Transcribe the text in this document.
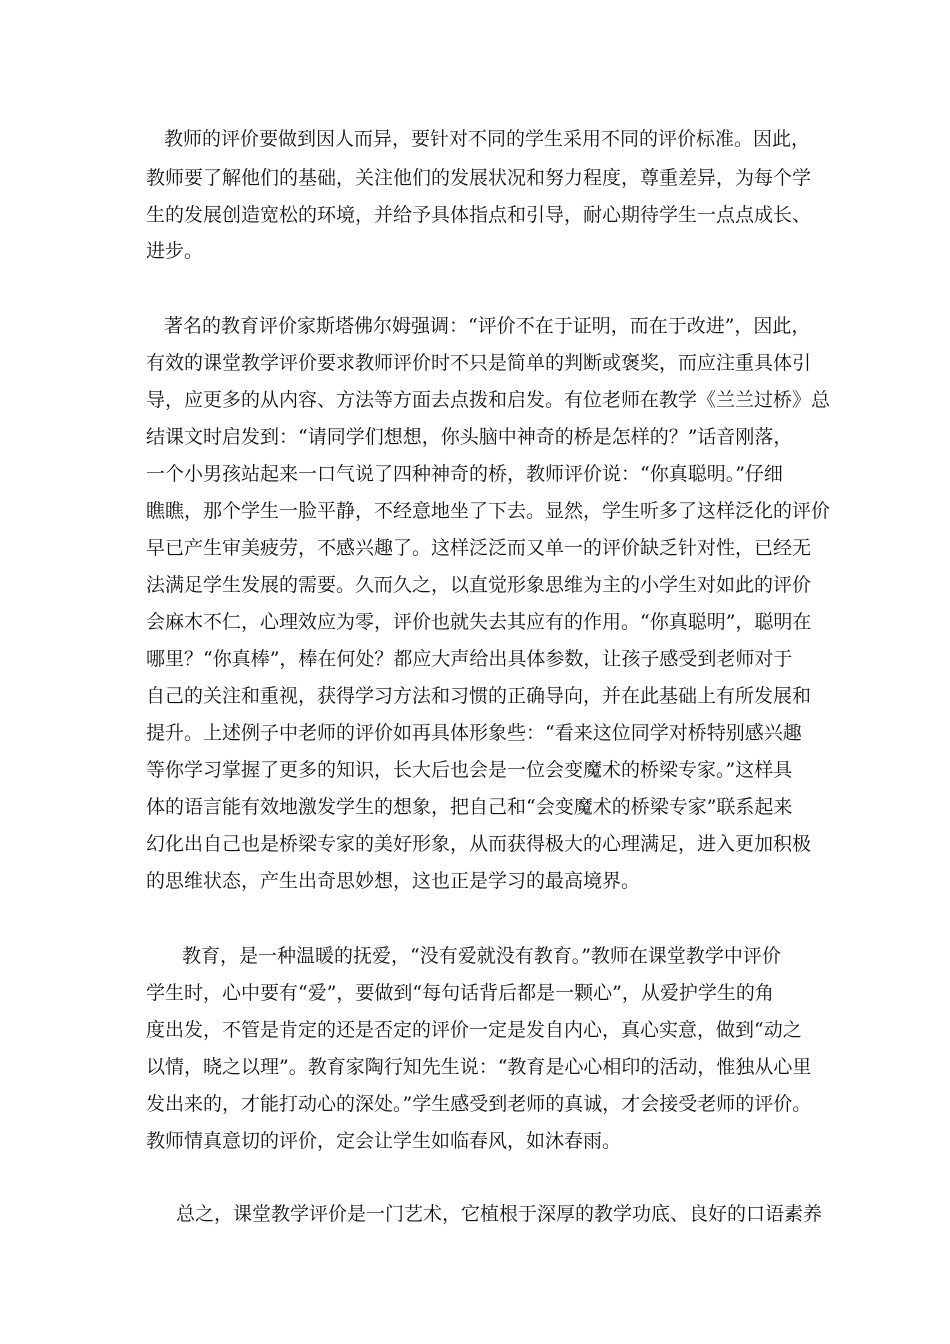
教师的评价要做到因人而异，要针对不同的学生采用不同的评价标准。因此，
教师要了解他们的基础，关注他们的发展状况和努力程度，尊重差异，为每个学
生的发展创造宽松的环境，并给予具体指点和引导，耐心期待学生一点点成长、
进步。
著名的教育评价家斯塔佛尔姆强调：“评价不在于证明，而在于改进”，因此，
有效的课堂教学评价要求教师评价时不只是简单的判断或褒奖，而应注重具体引
导，应更多的从内容、方法等方面去点拨和启发。有位老师在教学《兰兰过桥》总
结课文时启发到：“请同学们想想，你头脑中神奇的桥是怎样的？”话音刚落，
一个小男孩站起来一口气说了四种神奇的桥，教师评价说：“你真聪明。”仔细
瞧瞧，那个学生一脸平静，不经意地坐了下去。显然，学生听多了这样泛化的评价
早已产生审美疲劳，不感兴趣了。这样泛泛而又单一的评价缺乏针对性，已经无
法满足学生发展的需要。久而久之，以直觉形象思维为主的小学生对如此的评价
会麻木不仁，心理效应为零，评价也就失去其应有的作用。“你真聪明”，聪明在
哪里？“你真棒”，棒在何处？都应大声给出具体参数，让孩子感受到老师对于
自己的关注和重视，获得学习方法和习惯的正确导向，并在此基础上有所发展和
提升。上述例子中老师的评价如再具体形象些：“看来这位同学对桥特别感兴趣
等你学习掌握了更多的知识，长大后也会是一位会变魔术的桥梁专家。”这样具
体的语言能有效地激发学生的想象，把自己和“会变魔术的桥梁专家”联系起来
幻化出自己也是桥梁专家的美好形象，从而获得极大的心理满足，进入更加积极
的思维状态，产生出奇思妙想，这也正是学习的最高境界。
教育，是一种温暖的抚爱，“没有爱就没有教育。”教师在课堂教学中评价
学生时，心中要有“爱”，要做到“每句话背后都是一颗心”，从爱护学生的角
度出发，不管是肯定的还是否定的评价一定是发自内心，真心实意，做到“动之
以情，晓之以理”。教育家陶行知先生说：“教育是心心相印的活动，惟独从心里
发出来的，才能打动心的深处。”学生感受到老师的真诚，才会接受老师的评价。
教师情真意切的评价，定会让学生如临春风，如沐春雨。
总之，课堂教学评价是一门艺术，它植根于深厚的教学功底、良好的口语素养
